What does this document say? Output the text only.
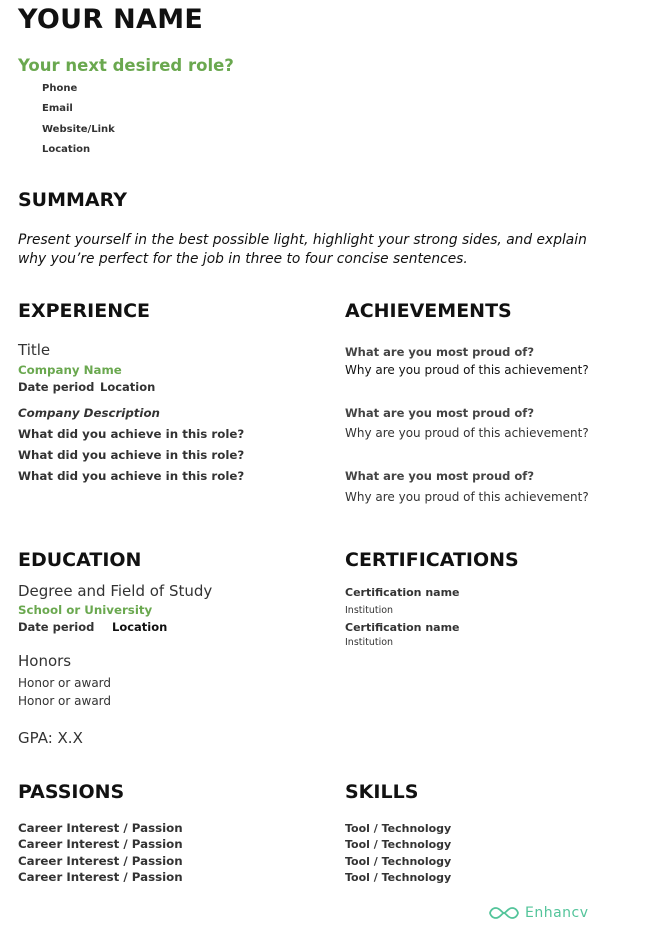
YOUR NAME
Your next desired role?
Phone
Email
Website/Link
Location
SUMMARY
Present yourself in the best possible light, highlight your strong sides, and explain why you’re perfect for the job in three to four concise sentences.
EXPERIENCE
Title
Company Name
Date period Location
Company Description
What did you achieve in this role?
What did you achieve in this role?
What did you achieve in this role?
ACHIEVEMENTS
What are you most proud of?
Why are you proud of this achievement?
What are you most proud of?
Why are you proud of this achievement?
What are you most proud of?
Why are you proud of this achievement?
EDUCATION
Degree and Field of Study
School or University
Date period Location
Honors
Honor or award
Honor or award
GPA: X.X
CERTIFICATIONS
Certification name
Institution
Certification name
Institution
PASSIONS
Career Interest / Passion
Career Interest / Passion
Career Interest / Passion
Career Interest / Passion
SKILLS
Tool / Technology
Tool / Technology
Tool / Technology
Tool / Technology
Enhancv
